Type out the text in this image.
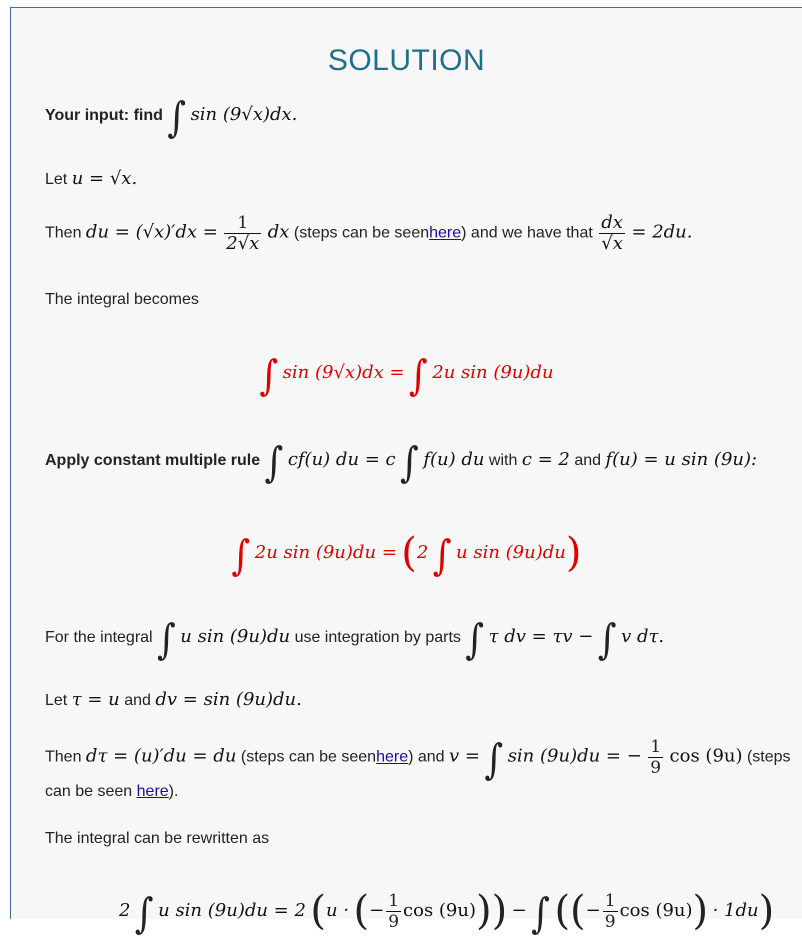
SOLUTION
Your input: find ∫ sin (9√x)dx.
Let u = √x.
Then du = $(√x)'dx = \frac{1}{2√x}$ dx (steps can be seenhere) and we have that $\frac{dx}{√x} = 2du$.
The integral becomes
∫ sin (9√x)dx = ∫ 2u sin (9u)du
Apply constant multiple rule ∫ cf(u) du = c ∫ f(u) du with c = 2 and f(u) = u sin (9u):
∫ 2u sin (9u)du = (2 ∫ u sin (9u)du)
For the integral ∫ u sin (9u)du use integration by parts ∫ τ dv = τv − ∫ v dτ.
Let τ = u and dv = sin (9u)du.
Then dτ = (u)′du = du (steps can be seenhere) and v = ∫ sin (9u)du = − $\frac{1}{9}$ cos (9u) (steps
can be seen here).
The integral can be rewritten as
2 ∫ u sin (9u)du = 2 (u · (− $\frac{1}{9}$ cos (9u))) − ∫ ((− $\frac{1}{9}$ cos (9u)) · 1du)
